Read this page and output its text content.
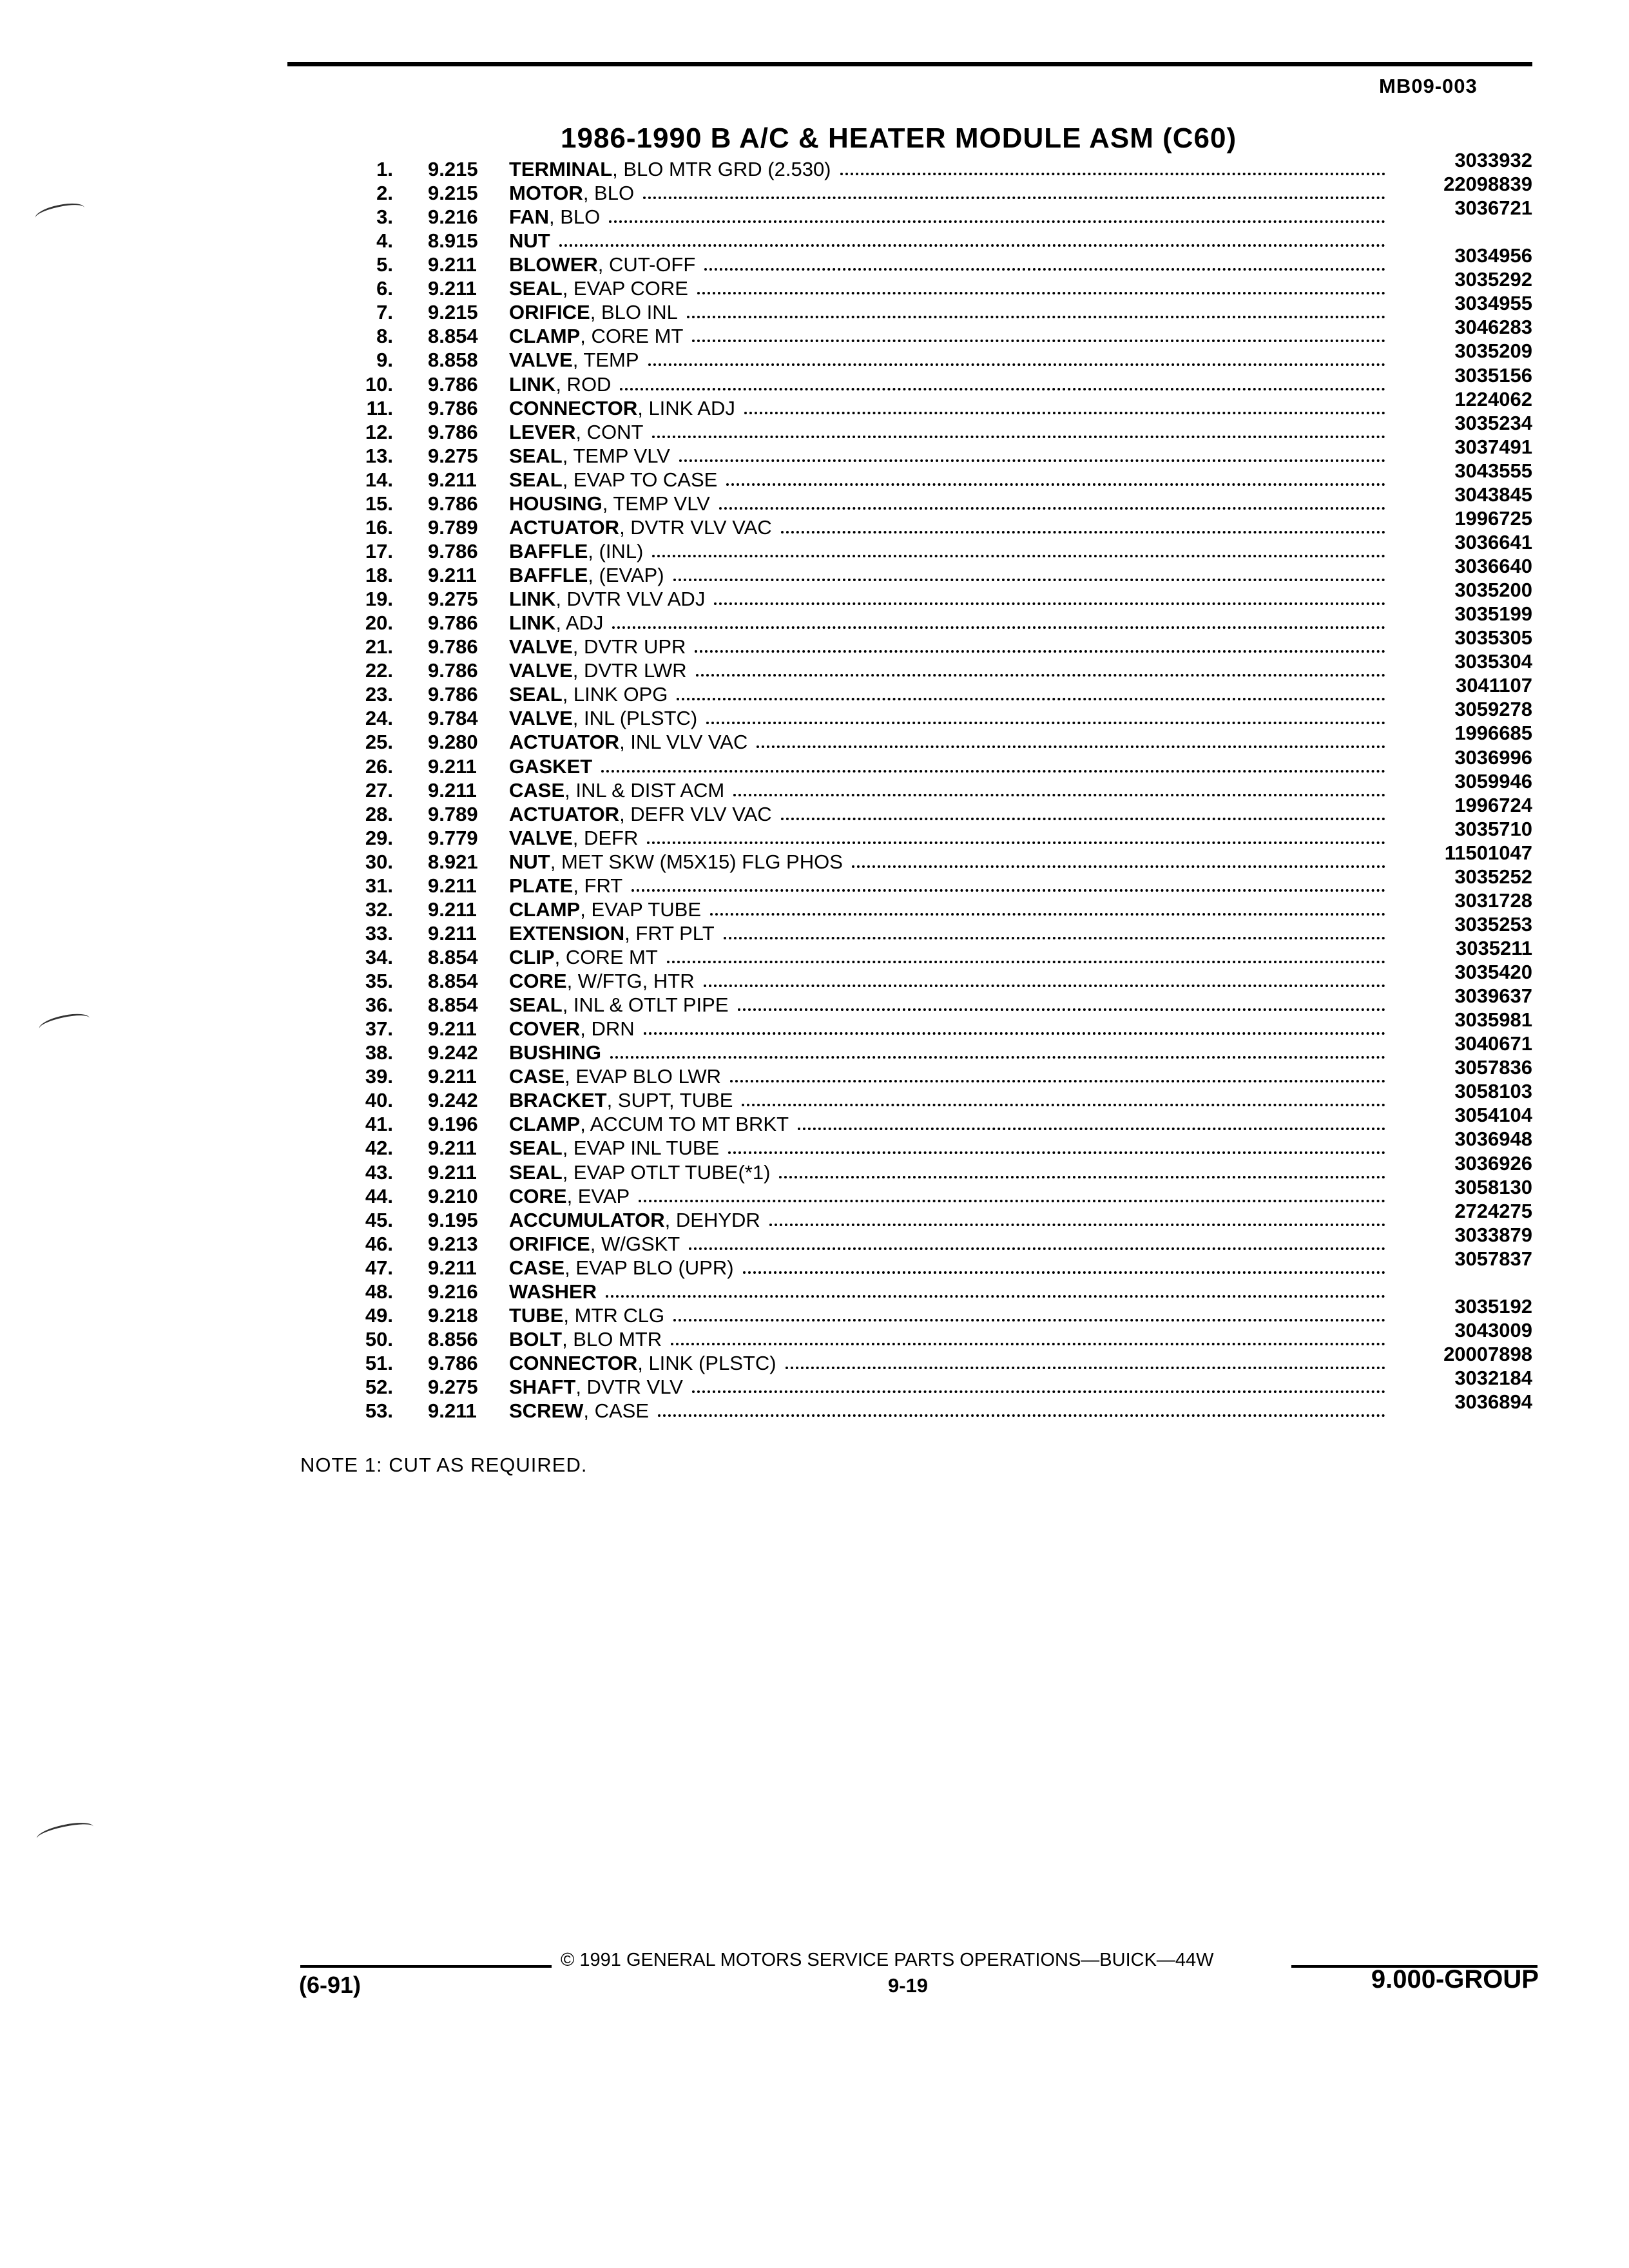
MB09-003
1986-1990 B A/C & HEATER MODULE ASM (C60)
1. 9.215 TERMINAL, BLO MTR GRD (2.530)	3033932
2. 9.215 MOTOR, BLO	22098839
3. 9.216 FAN, BLO	3036721
4. 8.915 NUT
5. 9.211 BLOWER, CUT-OFF	3034956
6. 9.211 SEAL, EVAP CORE	3035292
7. 9.215 ORIFICE, BLO INL	3034955
8. 8.854 CLAMP, CORE MT	3046283
9. 8.858 VALVE, TEMP	3035209
10. 9.786 LINK, ROD	3035156
11. 9.786 CONNECTOR, LINK ADJ	1224062
12. 9.786 LEVER, CONT	3035234
13. 9.275 SEAL, TEMP VLV	3037491
14. 9.211 SEAL, EVAP TO CASE	3043555
15. 9.786 HOUSING, TEMP VLV	3043845
16. 9.789 ACTUATOR, DVTR VLV VAC	1996725
17. 9.786 BAFFLE, (INL)	3036641
18. 9.211 BAFFLE, (EVAP)	3036640
19. 9.275 LINK, DVTR VLV ADJ	3035200
20. 9.786 LINK, ADJ	3035199
21. 9.786 VALVE, DVTR UPR	3035305
22. 9.786 VALVE, DVTR LWR	3035304
23. 9.786 SEAL, LINK OPG	3041107
24. 9.784 VALVE, INL (PLSTC)	3059278
25. 9.280 ACTUATOR, INL VLV VAC	1996685
26. 9.211 GASKET	3036996
27. 9.211 CASE, INL & DIST ACM	3059946
28. 9.789 ACTUATOR, DEFR VLV VAC	1996724
29. 9.779 VALVE, DEFR	3035710
30. 8.921 NUT, MET SKW (M5X15) FLG PHOS	11501047
31. 9.211 PLATE, FRT	3035252
32. 9.211 CLAMP, EVAP TUBE	3031728
33. 9.211 EXTENSION, FRT PLT	3035253
34. 8.854 CLIP, CORE MT	3035211
35. 8.854 CORE, W/FTG, HTR	3035420
36. 8.854 SEAL, INL & OTLT PIPE	3039637
37. 9.211 COVER, DRN	3035981
38. 9.242 BUSHING	3040671
39. 9.211 CASE, EVAP BLO LWR	3057836
40. 9.242 BRACKET, SUPT, TUBE	3058103
41. 9.196 CLAMP, ACCUM TO MT BRKT	3054104
42. 9.211 SEAL, EVAP INL TUBE	3036948
43. 9.211 SEAL, EVAP OTLT TUBE(*1)	3036926
44. 9.210 CORE, EVAP	3058130
45. 9.195 ACCUMULATOR, DEHYDR	2724275
46. 9.213 ORIFICE, W/GSKT	3033879
47. 9.211 CASE, EVAP BLO (UPR)	3057837
48. 9.216 WASHER
49. 9.218 TUBE, MTR CLG	3035192
50. 8.856 BOLT, BLO MTR	3043009
51. 9.786 CONNECTOR, LINK (PLSTC)	20007898
52. 9.275 SHAFT, DVTR VLV	3032184
53. 9.211 SCREW, CASE	3036894
NOTE 1: CUT AS REQUIRED.
© 1991 GENERAL MOTORS SERVICE PARTS OPERATIONS—BUICK—44W
(6-91)	9-19	9.000-GROUP
